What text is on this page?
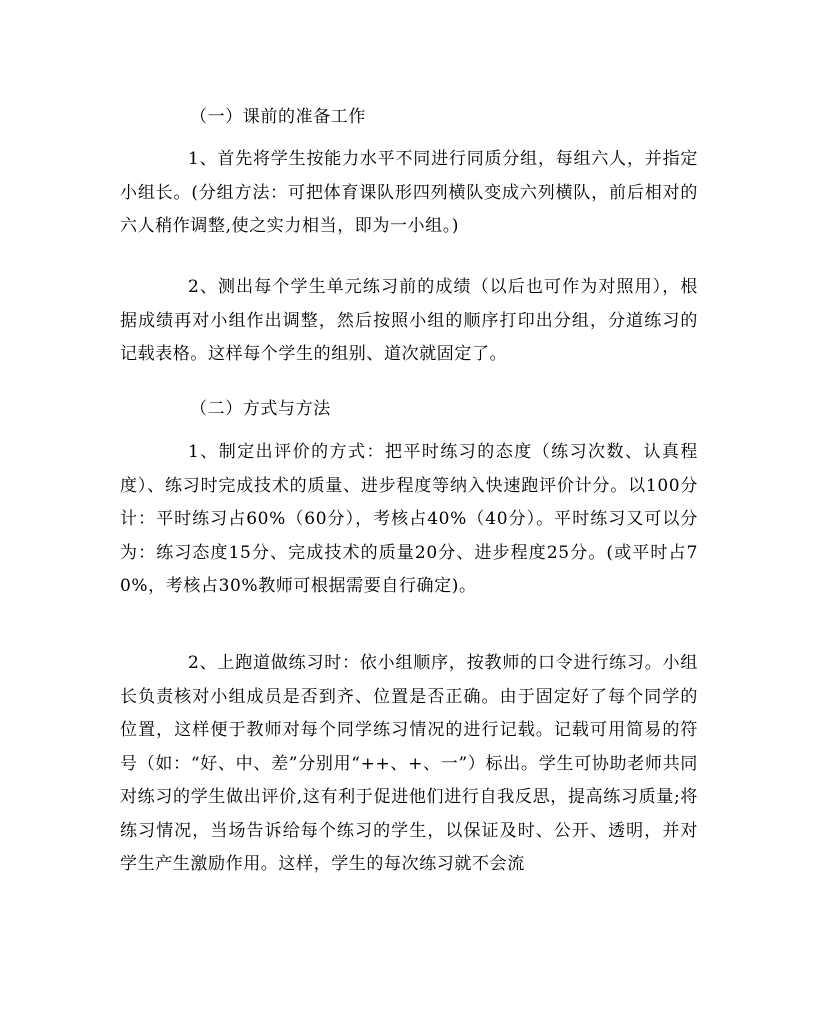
（一）课前的准备工作

1、首先将学生按能力水平不同进行同质分组，每组六人，并指定小组长。(分组方法：可把体育课队形四列横队变成六列横队，前后相对的六人稍作调整,使之实力相当，即为一小组。)

2、测出每个学生单元练习前的成绩（以后也可作为对照用），根据成绩再对小组作出调整，然后按照小组的顺序打印出分组，分道练习的记载表格。这样每个学生的组别、道次就固定了。

（二）方式与方法

1、制定出评价的方式：把平时练习的态度（练习次数、认真程度）、练习时完成技术的质量、进步程度等纳入快速跑评价计分。以100分计：平时练习占60%（60分），考核占40%（40分）。平时练习又可以分为：练习态度15分、完成技术的质量20分、进步程度25分。(或平时占70%，考核占30%教师可根据需要自行确定)。

2、上跑道做练习时：依小组顺序，按教师的口令进行练习。小组长负责核对小组成员是否到齐、位置是否正确。由于固定好了每个同学的位置，这样便于教师对每个同学练习情况的进行记载。记载可用简易的符号（如：“好、中、差”分别用“++、+、一”）标出。学生可协助老师共同对练习的学生做出评价,这有利于促进他们进行自我反思，提高练习质量;将练习情况，当场告诉给每个练习的学生，以保证及时、公开、透明，并对学生产生激励作用。这样，学生的每次练习就不会流
